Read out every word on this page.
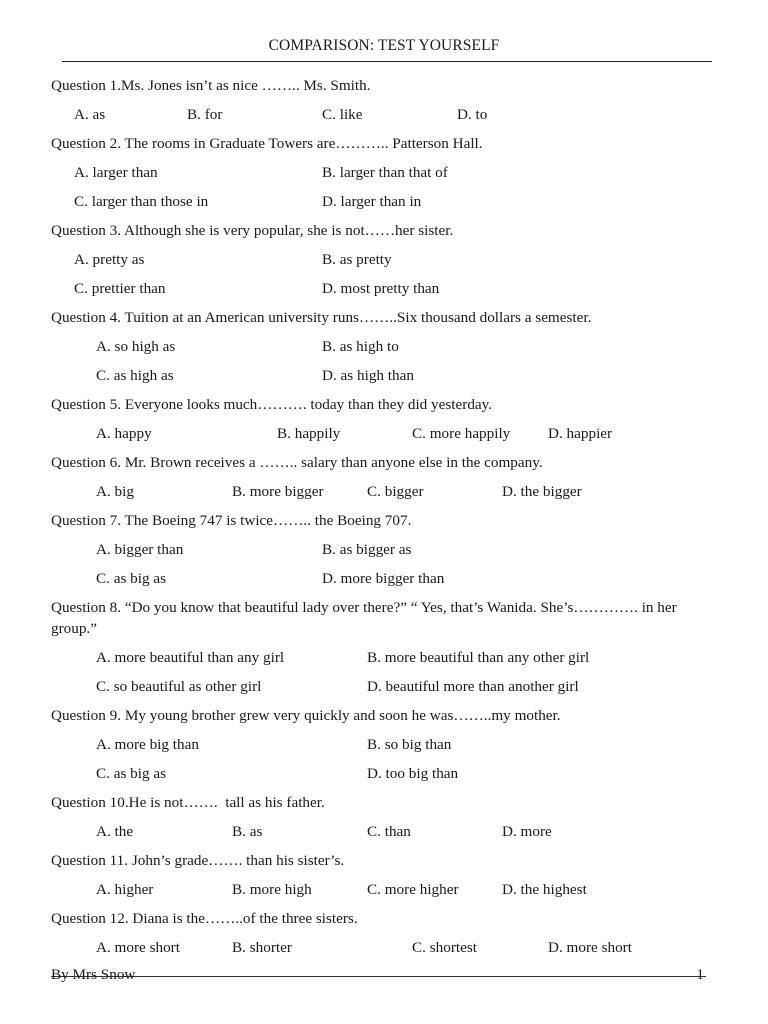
COMPARISON: TEST YOURSELF

Question 1.Ms. Jones isn’t as nice …….. Ms. Smith.

A. as	B. for	C. like	D. to

Question 2. The rooms in Graduate Towers are……….. Patterson Hall.

A. larger than	B. larger than that of
C. larger than those in	D. larger than in

Question 3. Although she is very popular, she is not……her sister.

A. pretty as	B. as pretty
C. prettier than	D. most pretty than

Question 4. Tuition at an American university runs……..Six thousand dollars a semester.

A. so high as	B. as high to
C. as high as	D. as high than

Question 5. Everyone looks much………. today than they did yesterday.

A. happy	B. happily	C. more happily D. happier

Question 6. Mr. Brown receives a …….. salary than anyone else in the company.

A. big	B. more bigger	C. bigger	D. the bigger

Question 7. The Boeing 747 is twice…….. the Boeing 707.

A. bigger than	B. as bigger as
C. as big as	D. more bigger than

Question 8. “Do you know that beautiful lady over there?” “ Yes, that’s Wanida. She’s…………. in her group.”

A. more beautiful than any girl	B. more beautiful than any other girl
C. so beautiful as other girl	D. beautiful more than another girl

Question 9. My young brother grew very quickly and soon he was……..my mother.

A. more big than	B. so big than
C. as big as	D. too big than

Question 10.He is not…….  tall as his father.

A. the	B. as	C. than	D. more

Question 11. John’s grade……. than his sister’s.

A. higher	B. more high	C. more higher	D. the highest

Question 12. Diana is the……..of the three sisters.

A. more short	B. shorter	C. shortest	D. more short
By Mrs Snow	1
